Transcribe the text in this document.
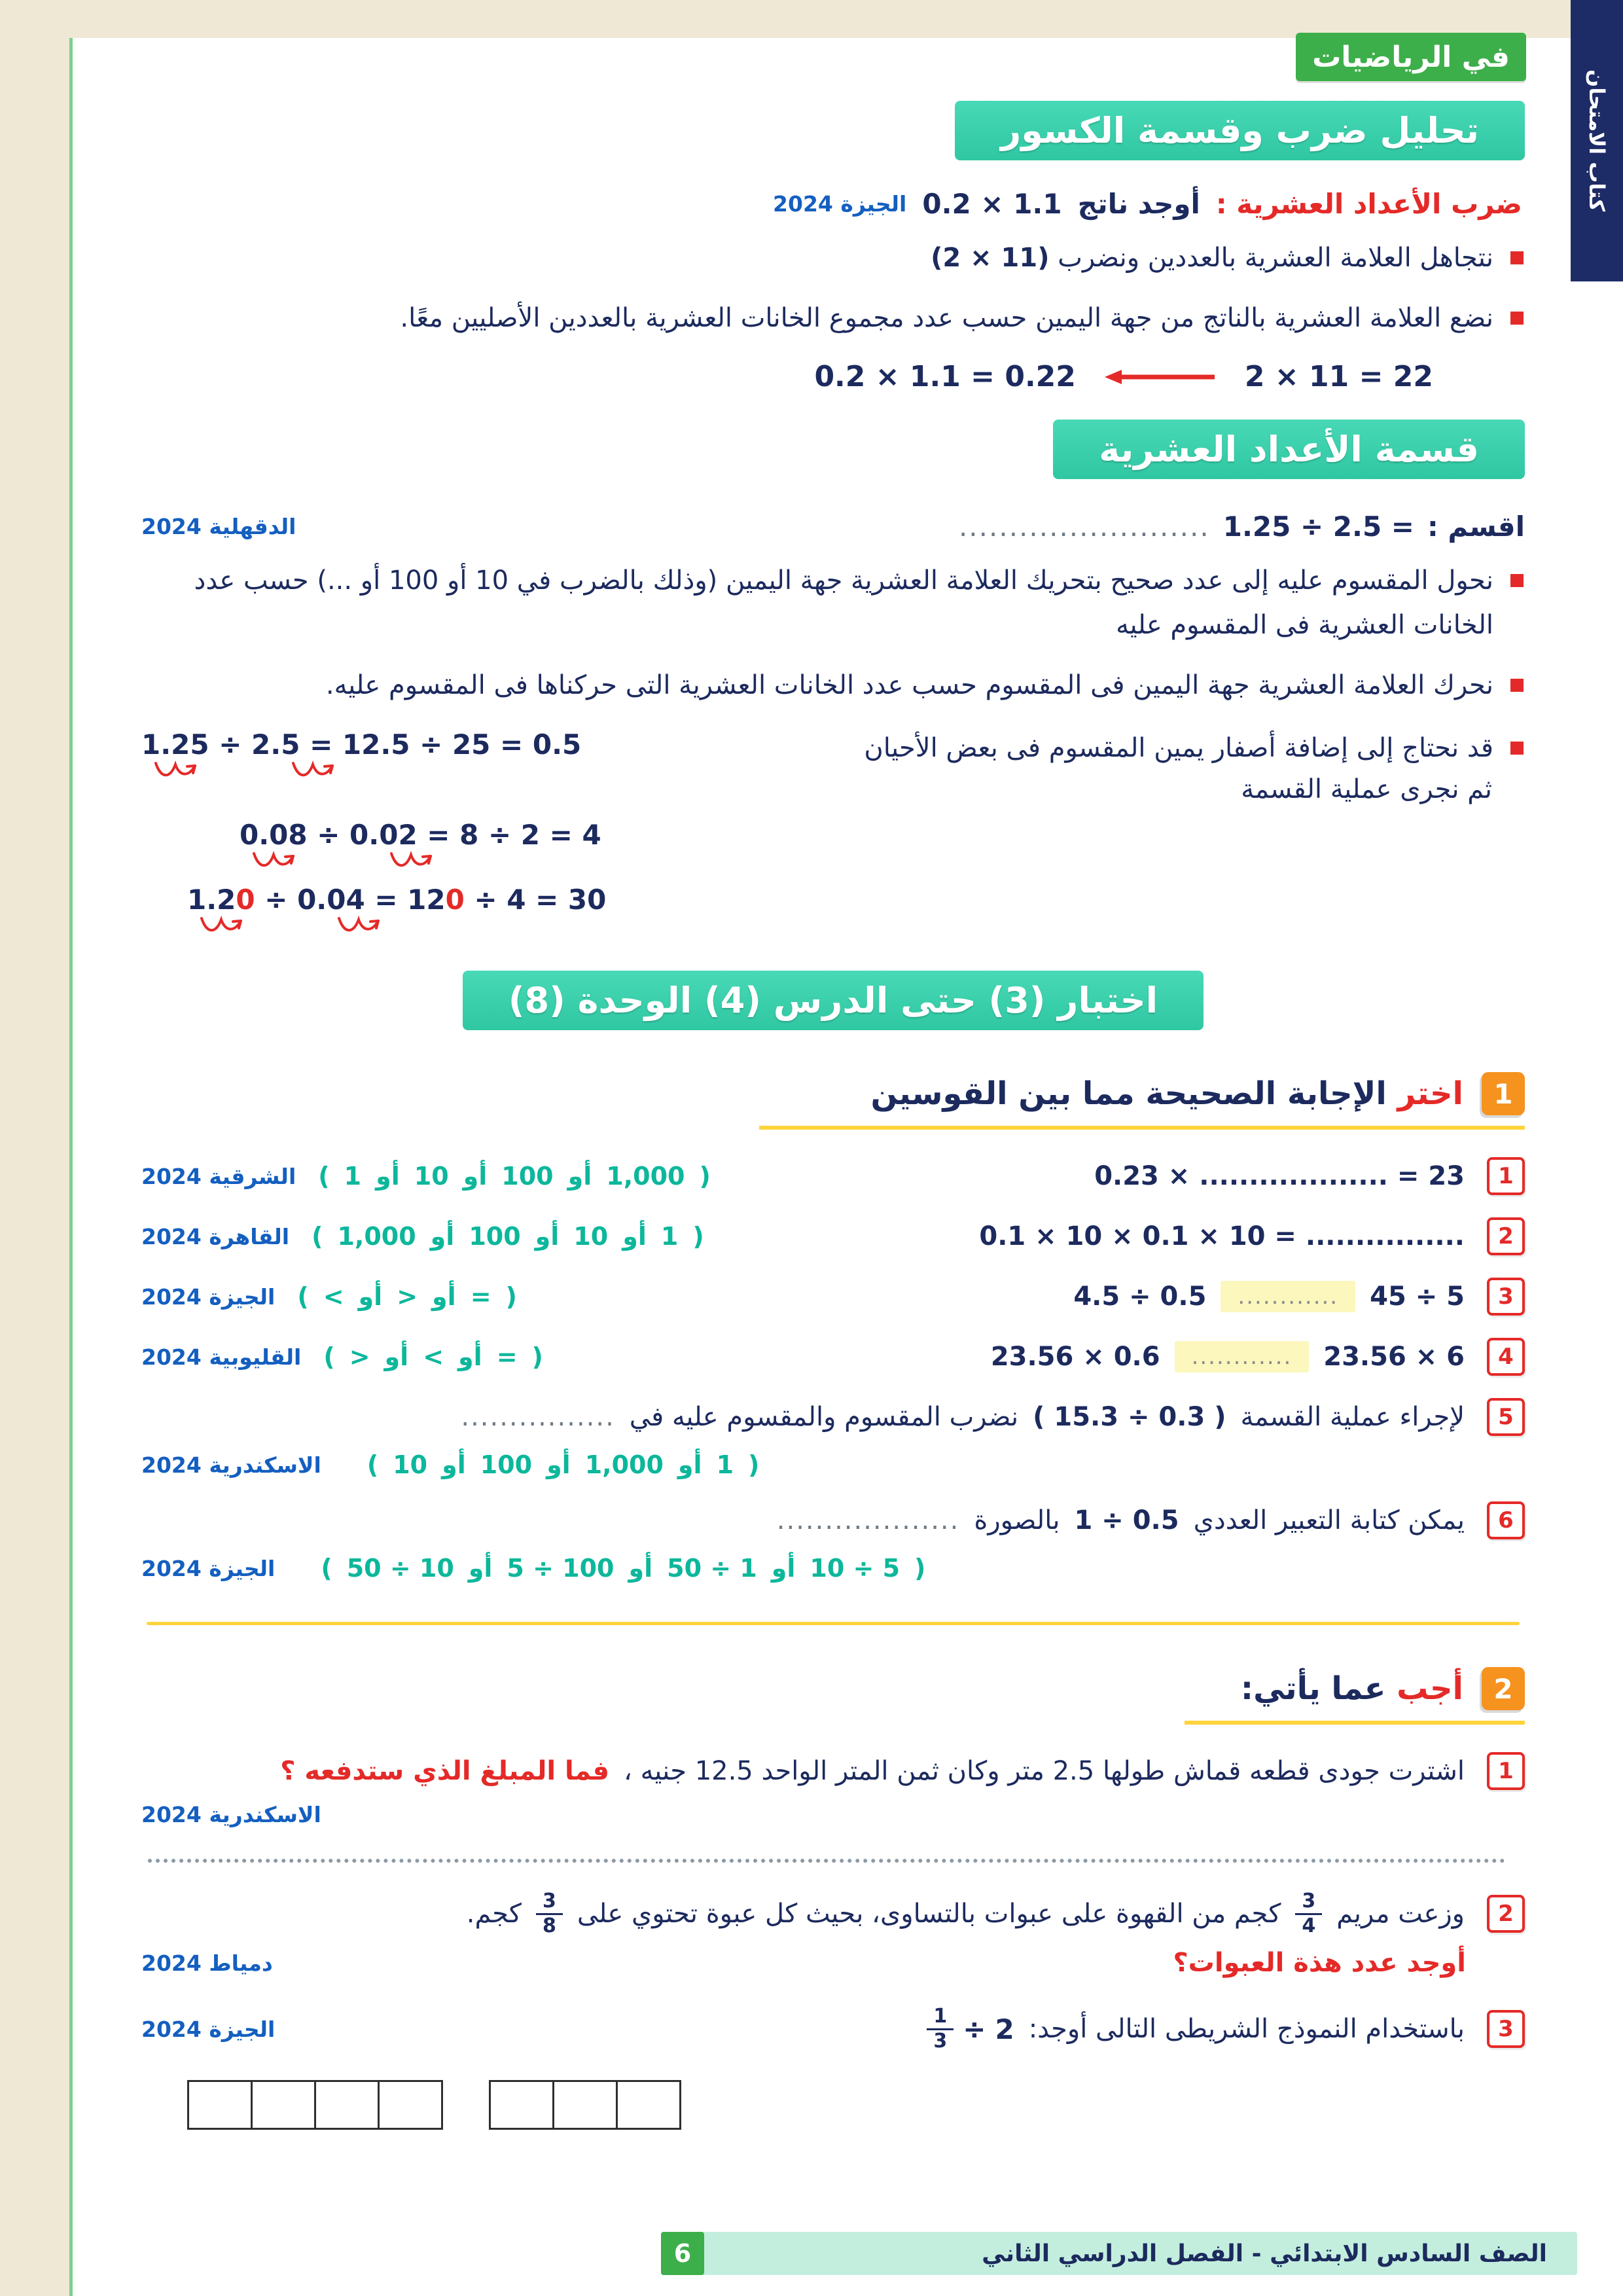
في الرياضيات
كتاب الامتحان
تحليل ضرب وقسمة الكسور
ضرب الأعداد العشرية :
أوجد ناتج
0.2 × 1.1
الجيزة 2024
نتجاهل العلامة العشرية بالعددين ونضرب (2 × 11)
نضع العلامة العشرية بالناتج من جهة اليمين حسب عدد مجموع الخانات العشرية بالعددين الأصليين معًا.
2 × 11 = 22
0.2 × 1.1 = 0.22
قسمة الأعداد العشرية
اقسم :
1.25 ÷ 2.5 =
.........................
الدقهلية 2024
نحول المقسوم عليه إلى عدد صحيح بتحريك العلامة العشرية جهة اليمين (وذلك بالضرب في 10 أو 100 أو ...) حسب عدد الخانات العشرية فى المقسوم عليه
نحرك العلامة العشرية جهة اليمين فى المقسوم حسب عدد الخانات العشرية التى حركناها فى المقسوم عليه.
قد نحتاج إلى إضافة أصفار يمين المقسوم فى بعض الأحيان
ثم نجرى عملية القسمة
1.25 ÷ 2.5 = 12.5 ÷ 25 = 0.5
0.08 ÷ 0.02 = 8 ÷ 2 = 4
1.20 ÷ 0.04 = 120 ÷ 4 = 30
اختبار (3) حتى الدرس (4) الوحدة (8)
1
اختر الإجابة الصحيحة مما بين القوسين
1
0.23 × ................... = 23
( 1 أو 10 أو 100 أو 1,000 )
الشرقية 2024
2
0.1 × 10 × 0.1 × 10 = ................
( 1,000 أو 100 أو 10 أو 1 )
القاهرة 2024
3
45 ÷ 5
............
4.5 ÷ 0.5
( < أو > أو = )
الجيزة 2024
4
23.56 × 6
............
23.56 × 0.6
( > أو < أو = )
القليوبية 2024
5
لإجراء عملية القسمة
( 15.3 ÷ 0.3 )
نضرب المقسوم والمقسوم عليه في
................
( 10 أو 100 أو 1,000 أو 1 )
الاسكندرية 2024
6
يمكن كتابة التعبير العددي
1 ÷ 0.5
بالصورة
...................
( 50 ÷ 10 أو 5 ÷ 100 أو 50 ÷ 1 أو 10 ÷ 5 )
الجيزة 2024
2
أجب عما يأتي:
1
اشترت جودى قطعه قماش طولها 2.5 متر وكان ثمن المتر الواحد 12.5 جنيه ،
فما المبلغ الذي ستدفعه ؟
الاسكندرية 2024
2
وزعت مريم
$\frac{3}{4}$
كجم من القهوة على عبوات بالتساوى، بحيث كل عبوة تحتوي على
$\frac{3}{8}$
كجم.
أوجد عدد هذة العبوات؟
دمياط 2024
3
باستخدام النموذج الشريطى التالى أوجد:
2
÷
$\frac{1}{3}$
الجيزة 2024
الصف السادس الابتدائي - الفصل الدراسي الثاني
6
